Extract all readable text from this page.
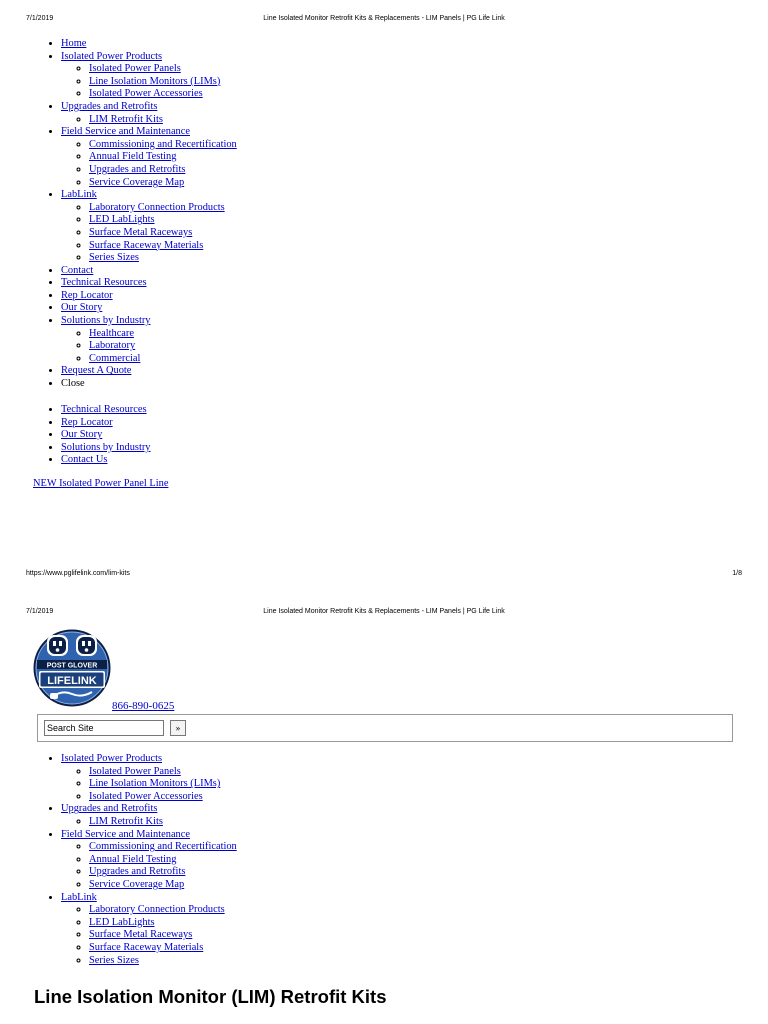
7/1/2019	Line Isolated Monitor Retrofit Kits & Replacements - LIM Panels | PG Life Link
• Home
• Isolated Power Products
◦ Isolated Power Panels
◦ Line Isolation Monitors (LIMs)
◦ Isolated Power Accessories
• Upgrades and Retrofits
◦ LIM Retrofit Kits
• Field Service and Maintenance
◦ Commissioning and Recertification
◦ Annual Field Testing
◦ Upgrades and Retrofits
◦ Service Coverage Map
• LabLink
◦ Laboratory Connection Products
◦ LED LabLights
◦ Surface Metal Raceways
◦ Surface Raceway Materials
◦ Series Sizes
• Contact
• Technical Resources
• Rep Locator
• Our Story
• Solutions by Industry
◦ Healthcare
◦ Laboratory
◦ Commercial
• Request A Quote
• Close
• Technical Resources
• Rep Locator
• Our Story
• Solutions by Industry
• Contact Us
NEW Isolated Power Panel Line
https://www.pglifelink.com/lim-kits	1/8
7/1/2019	Line Isolated Monitor Retrofit Kits & Replacements - LIM Panels | PG Life Link
POST GLOVER
LIFELINK
866-890-0625
Search Site	»
• Isolated Power Products
◦ Isolated Power Panels
◦ Line Isolation Monitors (LIMs)
◦ Isolated Power Accessories
• Upgrades and Retrofits
◦ LIM Retrofit Kits
• Field Service and Maintenance
◦ Commissioning and Recertification
◦ Annual Field Testing
◦ Upgrades and Retrofits
◦ Service Coverage Map
• LabLink
◦ Laboratory Connection Products
◦ LED LabLights
◦ Surface Metal Raceways
◦ Surface Raceway Materials
◦ Series Sizes
Line Isolation Monitor (LIM) Retrofit Kits
